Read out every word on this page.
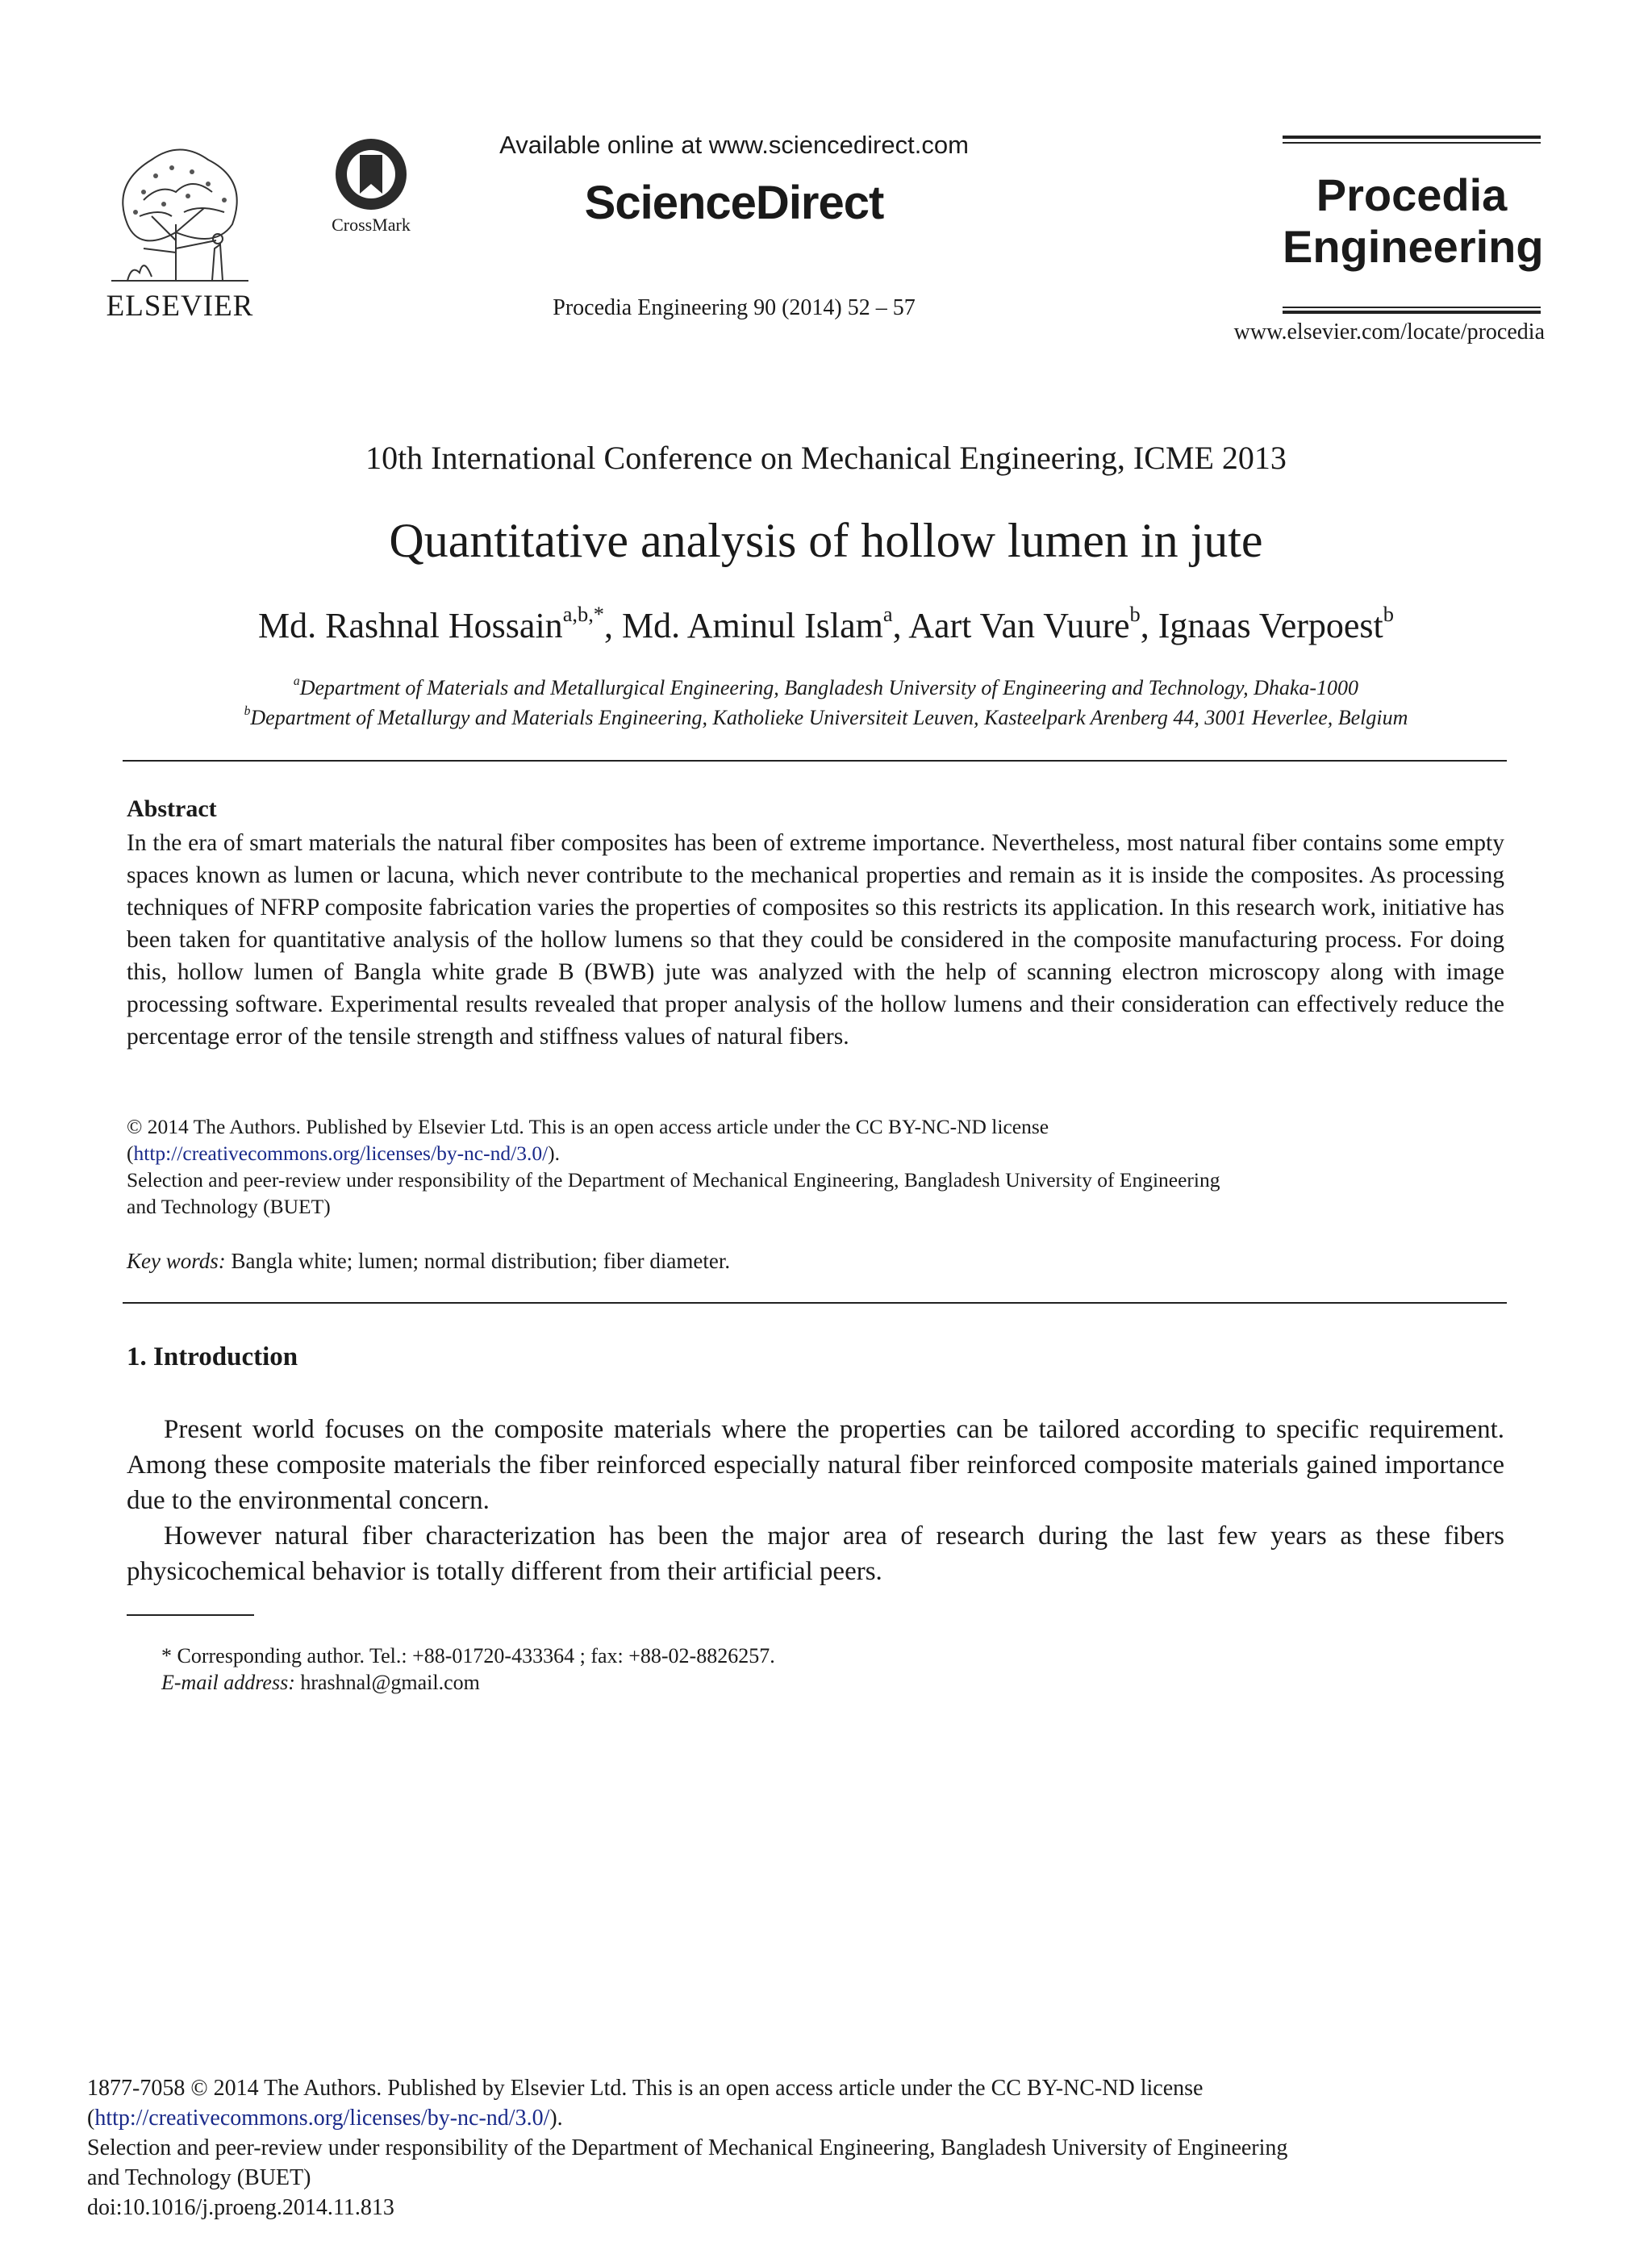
ELSEVIER
CrossMark
Available online at www.sciencedirect.com
ScienceDirect
Procedia Engineering 90 (2014) 52 – 57
Procedia
Engineering
www.elsevier.com/locate/procedia
10th International Conference on Mechanical Engineering, ICME 2013
Quantitative analysis of hollow lumen in jute
Md. Rashnal Hossain$^{a,b,*}$, Md. Aminul Islam$^a$, Aart Van Vuure$^b$, Ignaas Verpoest$^b$
$^a$Department of Materials and Metallurgical Engineering, Bangladesh University of Engineering and Technology, Dhaka-1000
$^b$Department of Metallurgy and Materials Engineering, Katholieke Universiteit Leuven, Kasteelpark Arenberg 44, 3001 Heverlee, Belgium
Abstract

In the era of smart materials the natural fiber composites has been of extreme importance. Nevertheless, most natural fiber contains some empty spaces known as lumen or lacuna, which never contribute to the mechanical properties and remain as it is inside the composites. As processing techniques of NFRP composite fabrication varies the properties of composites so this restricts its application. In this research work, initiative has been taken for quantitative analysis of the hollow lumens so that they could be considered in the composite manufacturing process. For doing this, hollow lumen of Bangla white grade B (BWB) jute was analyzed with the help of scanning electron microscopy along with image processing software. Experimental results revealed that proper analysis of the hollow lumens and their consideration can effectively reduce the percentage error of the tensile strength and stiffness values of natural fibers.

© 2014 The Authors. Published by Elsevier Ltd. This is an open access article under the CC BY-NC-ND license
(http://creativecommons.org/licenses/by-nc-nd/3.0/).
Selection and peer-review under responsibility of the Department of Mechanical Engineering, Bangladesh University of Engineering
and Technology (BUET)
Key words: Bangla white; lumen; normal distribution; fiber diameter.
1. Introduction

Present world focuses on the composite materials where the properties can be tailored according to specific requirement. Among these composite materials the fiber reinforced especially natural fiber reinforced composite materials gained importance due to the environmental concern.

However natural fiber characterization has been the major area of research during the last few years as these fibers physicochemical behavior is totally different from their artificial peers.

* Corresponding author. Tel.: +88-01720-433364 ; fax: +88-02-8826257.
E-mail address: hrashnal@gmail.com
1877-7058 © 2014 The Authors. Published by Elsevier Ltd. This is an open access article under the CC BY-NC-ND license
(http://creativecommons.org/licenses/by-nc-nd/3.0/).
Selection and peer-review under responsibility of the Department of Mechanical Engineering, Bangladesh University of Engineering
and Technology (BUET)
doi:10.1016/j.proeng.2014.11.813
